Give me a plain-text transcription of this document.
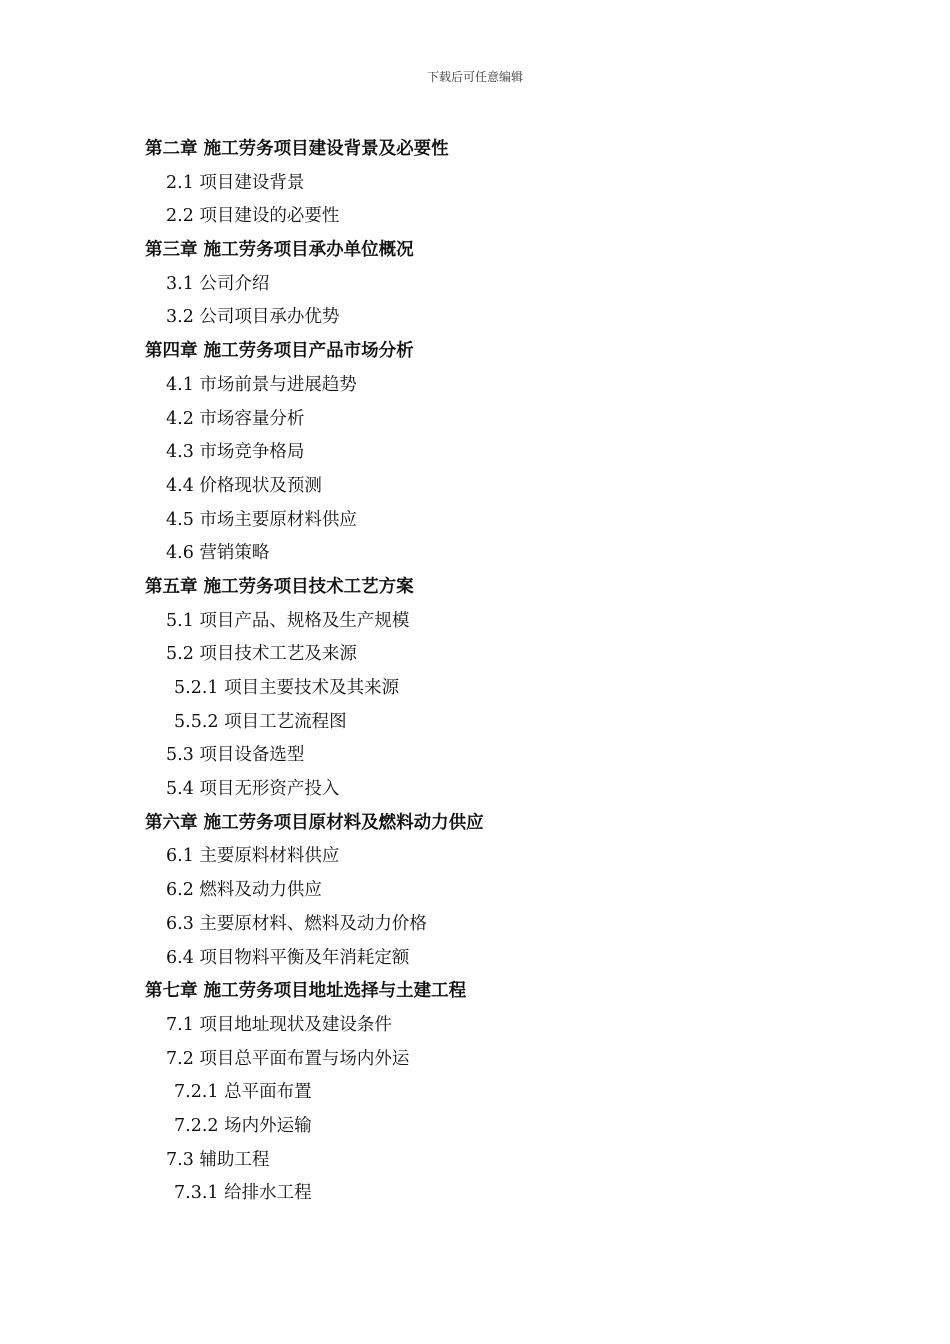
下载后可任意编辑
第二章 施工劳务项目建设背景及必要性
2.1 项目建设背景
2.2 项目建设的必要性
第三章 施工劳务项目承办单位概况
3.1 公司介绍
3.2 公司项目承办优势
第四章 施工劳务项目产品市场分析
4.1 市场前景与进展趋势
4.2 市场容量分析
4.3 市场竞争格局
4.4 价格现状及预测
4.5 市场主要原材料供应
4.6 营销策略
第五章 施工劳务项目技术工艺方案
5.1 项目产品、规格及生产规模
5.2 项目技术工艺及来源
5.2.1 项目主要技术及其来源
5.5.2 项目工艺流程图
5.3 项目设备选型
5.4 项目无形资产投入
第六章 施工劳务项目原材料及燃料动力供应
6.1 主要原料材料供应
6.2 燃料及动力供应
6.3 主要原材料、燃料及动力价格
6.4 项目物料平衡及年消耗定额
第七章 施工劳务项目地址选择与土建工程
7.1 项目地址现状及建设条件
7.2 项目总平面布置与场内外运
7.2.1 总平面布置
7.2.2 场内外运输
7.3 辅助工程
7.3.1 给排水工程
